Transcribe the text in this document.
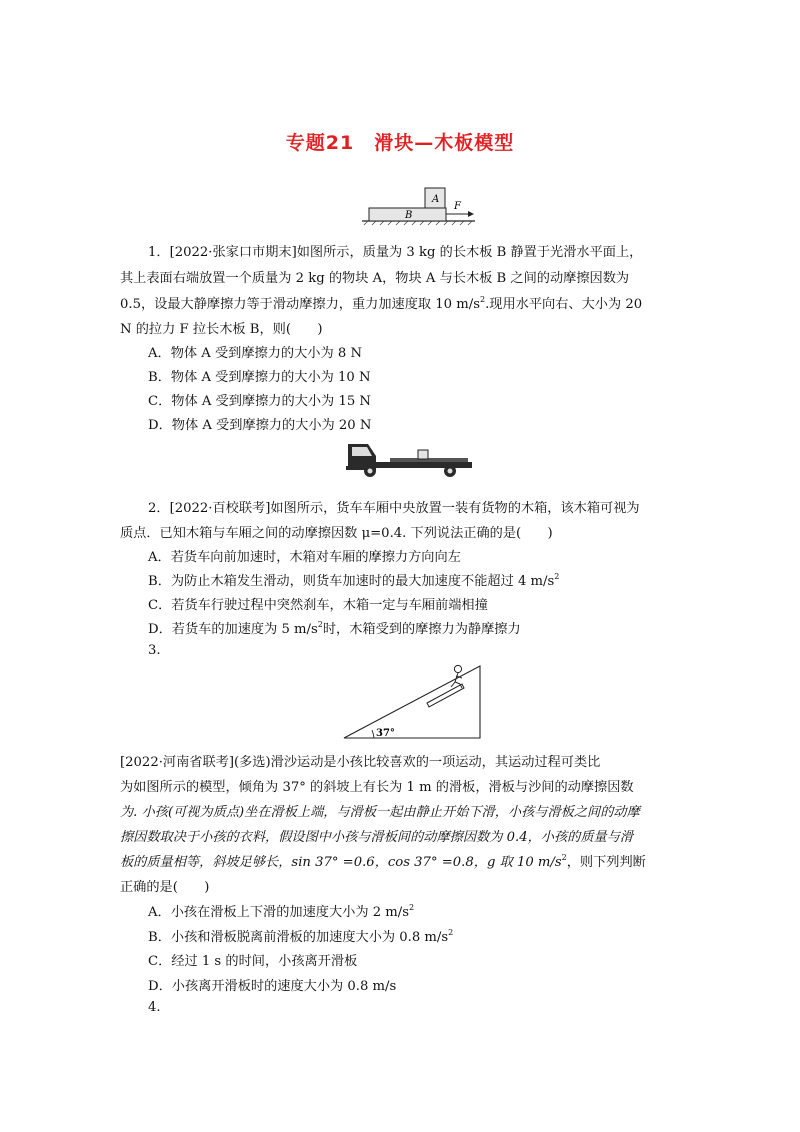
专题21　滑块—木板模型
A
B
F
1．[2022·张家口市期末]如图所示，质量为 3 kg 的长木板 B 静置于光滑水平面上，
其上表面右端放置一个质量为 2 kg 的物块 A，物块 A 与长木板 B 之间的动摩擦因数为
0.5，设最大静摩擦力等于滑动摩擦力，重力加速度取 10 $m/s^2$.现用水平向右、大小为 20
N 的拉力 F 拉长木板 B，则(　　)
A．物体 A 受到摩擦力的大小为 8 N
B．物体 A 受到摩擦力的大小为 10 N
C．物体 A 受到摩擦力的大小为 15 N
D．物体 A 受到摩擦力的大小为 20 N
2．[2022·百校联考]如图所示，货车车厢中央放置一装有货物的木箱，该木箱可视为
质点．已知木箱与车厢之间的动摩擦因数 μ=0.4. 下列说法正确的是(　　)
A．若货车向前加速时，木箱对车厢的摩擦力方向向左
B．为防止木箱发生滑动，则货车加速时的最大加速度不能超过 4 $m/s^2$
C．若货车行驶过程中突然刹车，木箱一定与车厢前端相撞
D．若货车的加速度为 5 $m/s^2$时，木箱受到的摩擦力为静摩擦力
3.
37°
[2022·河南省联考](多选)滑沙运动是小孩比较喜欢的一项运动，其运动过程可类比
为如图所示的模型，倾角为 37° 的斜坡上有长为 1 m 的滑板，滑板与沙间的动摩擦因数
为. 小孩(可视为质点)坐在滑板上端，与滑板一起由静止开始下滑，小孩与滑板之间的动摩
擦因数取决于小孩的衣料，假设图中小孩与滑板间的动摩擦因数为 0.4，小孩的质量与滑
板的质量相等，斜坡足够长，sin 37° =0.6，cos 37° =0.8，g 取 10 $m/s^2$，则下列判断
正确的是(　　)
A．小孩在滑板上下滑的加速度大小为 2 $m/s^2$
B．小孩和滑板脱离前滑板的加速度大小为 0.8 $m/s^2$
C．经过 1 s 的时间，小孩离开滑板
D．小孩离开滑板时的速度大小为 0.8 m/s
4.
